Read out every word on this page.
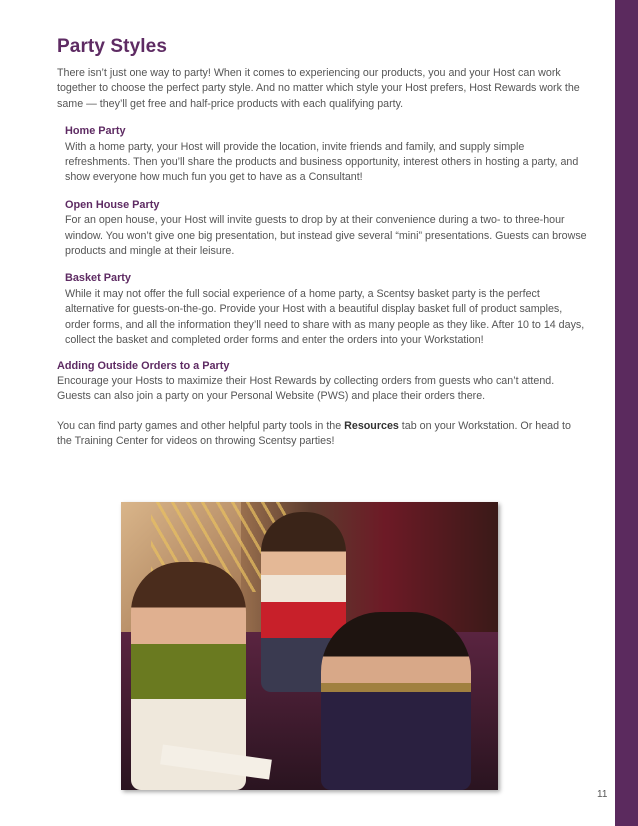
Party Styles

There isn’t just one way to party! When it comes to experiencing our products, you and your Host can work together to choose the perfect party style. And no matter which style your Host prefers, Host Rewards work the same — they’ll get free and half-price products with each qualifying party.

Home Party

With a home party, your Host will provide the location, invite friends and family, and supply simple refreshments. Then you’ll share the products and business opportunity, interest others in hosting a party, and show everyone how much fun you get to have as a Consultant!

Open House Party

For an open house, your Host will invite guests to drop by at their convenience during a two- to three-hour window. You won’t give one big presentation, but instead give several “mini” presentations. Guests can browse products and mingle at their leisure.

Basket Party

While it may not offer the full social experience of a home party, a Scentsy basket party is the perfect alternative for guests-on-the-go. Provide your Host with a beautiful display basket full of product samples, order forms, and all the information they’ll need to share with as many people as they like. After 10 to 14 days, collect the basket and completed order forms and enter the orders into your Workstation!

Adding Outside Orders to a Party

Encourage your Hosts to maximize their Host Rewards by collecting orders from guests who can’t attend. Guests can also join a party on your Personal Website (PWS) and place their orders there.

You can find party games and other helpful party tools in the Resources tab on your Workstation. Or head to the Training Center for videos on throwing Scentsy parties!

11
